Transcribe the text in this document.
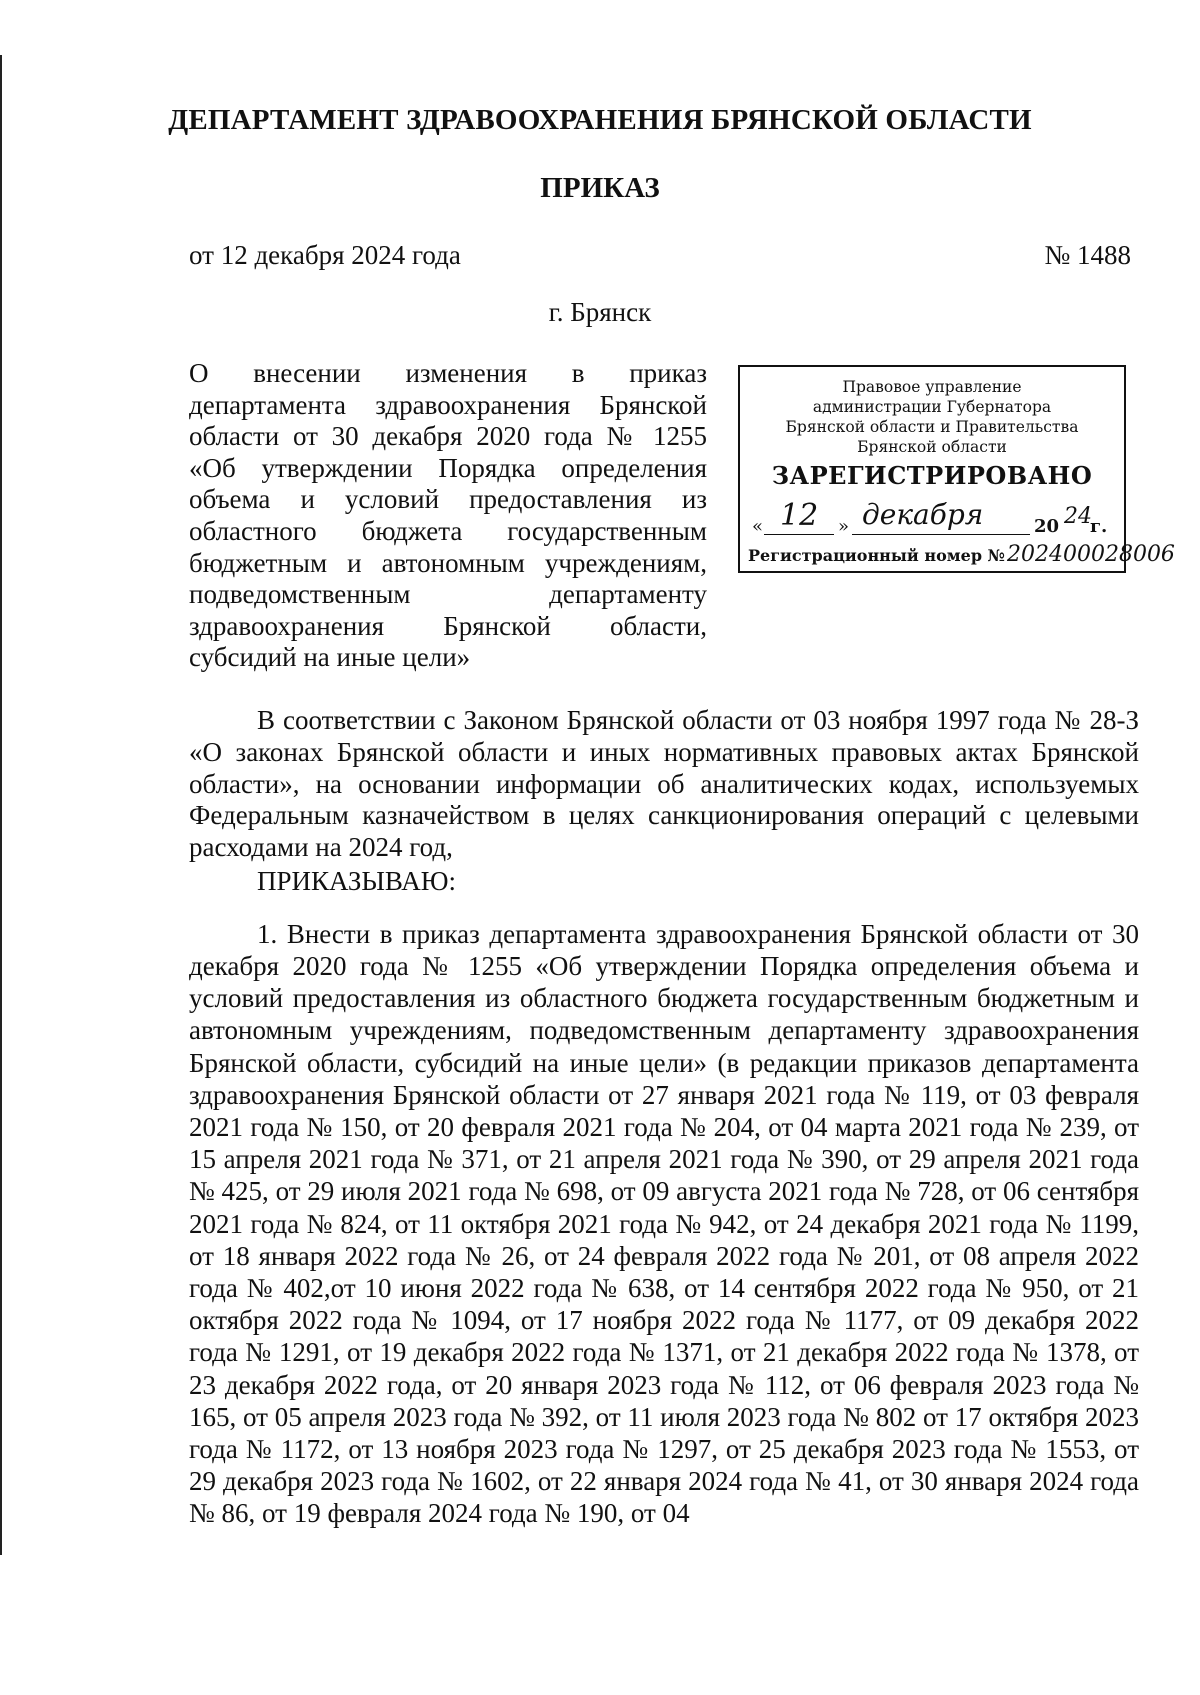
ДЕПАРТАМЕНТ ЗДРАВООХРАНЕНИЯ БРЯНСКОЙ ОБЛАСТИ
ПРИКАЗ
от 12 декабря 2024 года	№ 1488
г. Брянск
О внесении изменения в приказ
департамента здравоохранения Брянской
области от 30 декабря 2020 года № 1255
«Об утверждении Порядка определения
объема и условий предоставления из
областного бюджета государственным
бюджетным и автономным учреждениям,
подведомственным департаменту
здравоохранения Брянской области,
субсидий на иные цели»
Правовое управление
администрации Губернатора
Брянской области и Правительства
Брянской области
ЗАРЕГИСТРИРОВАНО
« 12 » декабря	20 24
г.
Регистрационный номер №202400028006

В соответствии с Законом Брянской области от 03 ноября 1997 года № 28-З «О законах Брянской области и иных нормативных правовых актах Брянской области», на основании информации об аналитических кодах, используемых Федеральным казначейством в целях санкционирования операций с целевыми расходами на 2024 год,

ПРИКАЗЫВАЮ:

1. Внести в приказ департамента здравоохранения Брянской области от 30 декабря 2020 года № 1255 «Об утверждении Порядка определения объема и условий предоставления из областного бюджета государственным бюджетным и автономным учреждениям, подведомственным департаменту здравоохранения Брянской области, субсидий на иные цели» (в редакции приказов департамента здравоохранения Брянской области от 27 января 2021 года № 119, от 03 февраля 2021 года № 150, от 20 февраля 2021 года № 204, от 04 марта 2021 года № 239, от 15 апреля 2021 года № 371, от 21 апреля 2021 года № 390, от 29 апреля 2021 года № 425, от 29 июля 2021 года № 698, от 09 августа 2021 года № 728, от 06 сентября 2021 года № 824, от 11 октября 2021 года № 942, от 24 декабря 2021 года № 1199, от 18 января 2022 года № 26, от 24 февраля 2022 года № 201, от 08 апреля 2022 года № 402,от 10 июня 2022 года № 638, от 14 сентября 2022 года № 950, от 21 октября 2022 года № 1094, от 17 ноября 2022 года № 1177, от 09 декабря 2022 года № 1291, от 19 декабря 2022 года № 1371, от 21 декабря 2022 года № 1378, от 23 декабря 2022 года, от 20 января 2023 года № 112, от 06 февраля 2023 года № 165, от 05 апреля 2023 года № 392, от 11 июля 2023 года № 802 от 17 октября 2023 года № 1172, от 13 ноября 2023 года № 1297, от 25 декабря 2023 года № 1553, от 29 декабря 2023 года № 1602, от 22 января 2024 года № 41, от 30 января 2024 года № 86, от 19 февраля 2024 года № 190, от 04
